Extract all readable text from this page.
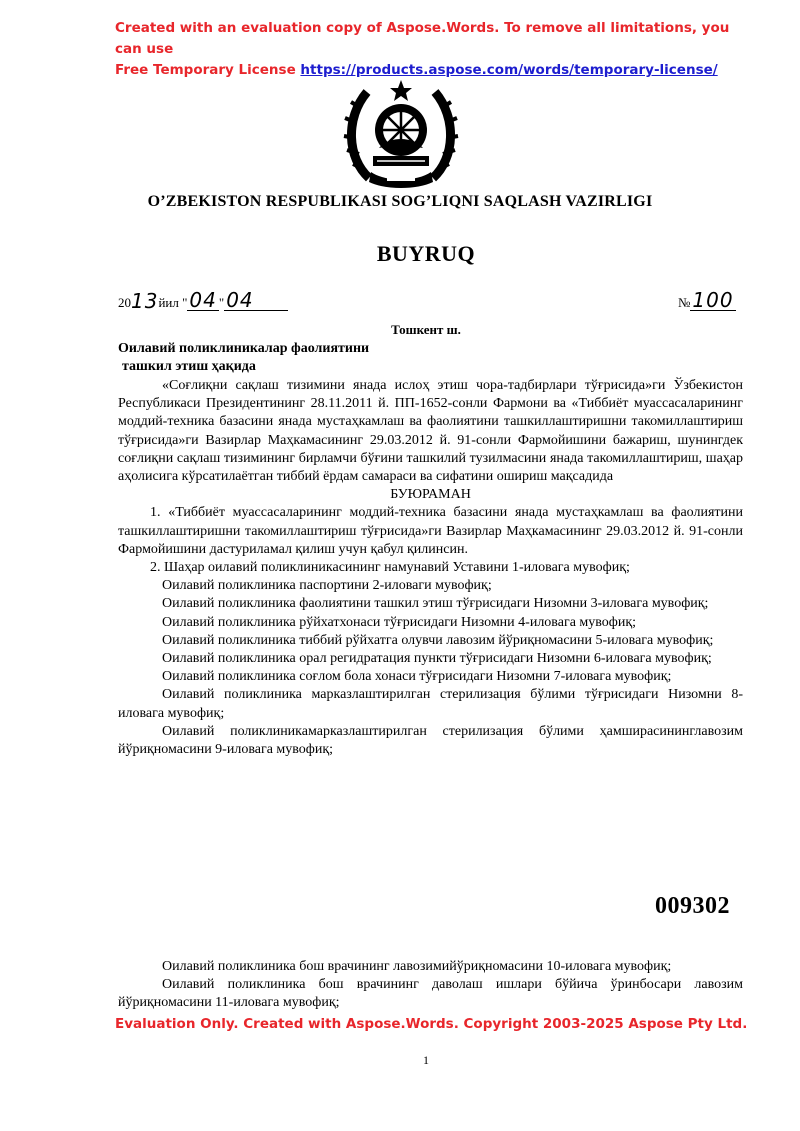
Created with an evaluation copy of Aspose.Words. To remove all limitations, you can use
Free Temporary License https://products.aspose.com/words/temporary-license/
O’ZBEKISTON RESPUBLIKASI SOG’LIQNI SAQLASH VAZIRLIGI
BUYRUQ
20 13 йил " 04 " 04	№ 100
Тошкент ш.
Оилавий поликлиникалар фаолиятини
ташкил этиш ҳақида

«Соғлиқни сақлаш тизимини янада ислоҳ этиш чора-тадбирлари тўғрисида»ги Ўзбекистон Республикаси Президентининг 28.11.2011 й. ПП-1652-сонли Фармони ва «Тиббиёт муассаcаларининг моддий-техника базасини янада мустаҳкамлаш ва фаолиятини ташкиллаштиришни такомиллаштириш тўғрисида»ги Вазирлар Маҳкамасининг 29.03.2012 й. 91-сонли Фармойишини бажариш, шунингдек соғлиқни сақлаш тизимининг бирламчи бўғини ташкилий тузилмасини янада такомиллаштириш, шаҳар аҳолисига кўрсатилаётган тиббий ёрдам самараси ва сифатини ошириш мақсадида

БУЮРАМАН

1. «Тиббиёт муассаcаларининг моддий-техника базасини янада мустаҳкамлаш ва фаолиятини ташкиллаштиришни такомиллаштириш тўғрисида»ги Вазирлар Маҳкамасининг 29.03.2012 й. 91-сонли Фармойишини дастуриламал қилиш учун қабул қилинсин.

2. Шаҳар оилавий поликлиникасининг намунавий Уставини 1-иловага мувофиқ;

Оилавий поликлиника паспортини 2-иловаги мувофиқ;

Оилавий поликлиника фаолиятини ташкил этиш тўғрисидаги Низомни 3-иловага мувофиқ;

Оилавий поликлиника рўйхатхонаси тўғрисидаги Низомни 4-иловага мувофиқ;

Оилавий поликлиника тиббий рўйхатга олувчи лавозим йўриқномасини 5-иловага мувофиқ;

Оилавий поликлиника орал регидратация пункти тўғрисидаги Низомни 6-иловага мувофиқ;

Оилавий поликлиника соғлом бола хонаси тўғрисидаги Низомни 7-иловага мувофиқ;

Оилавий поликлиника марказлаштирилган стерилизация бўлими тўғрисидаги Низомни 8-иловага мувофиқ;

Оилавий поликлиникамарказлаштирилган стерилизация бўлими ҳамширасининглавозим йўриқномасини 9-иловага мувофиқ;

009302

Оилавий поликлиника бош врачининг лавозимийўриқномасини 10-иловага мувофиқ;

Оилавий поликлиника бош врачининг даволаш ишлари бўйича ўринбосари лавозим йўриқномасини 11-иловага мувофиқ;

Evaluation Only. Created with Aspose.Words. Copyright 2003-2025 Aspose Pty Ltd.
1
